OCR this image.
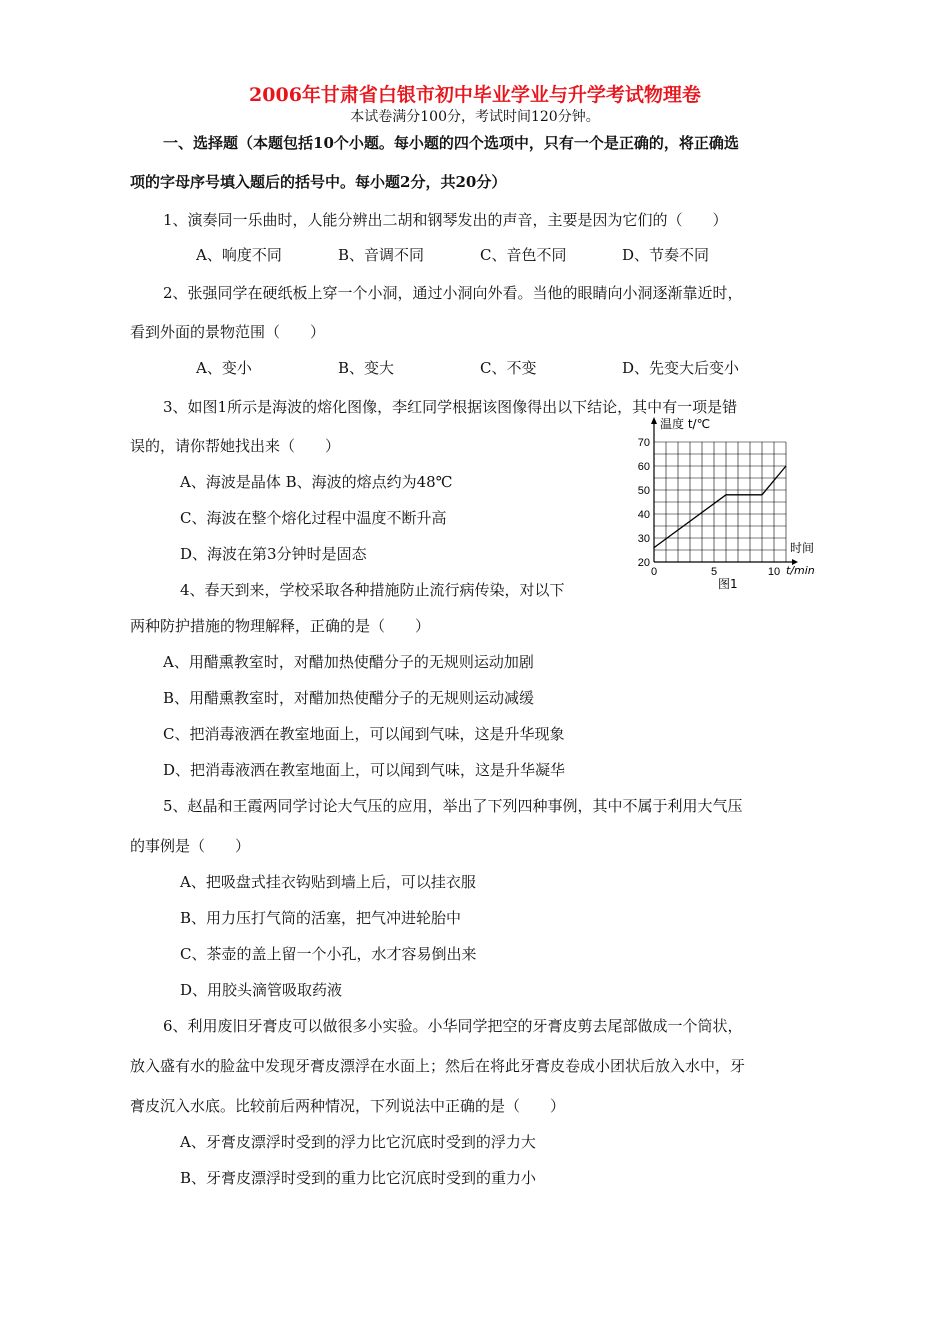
2006年甘肃省白银市初中毕业学业与升学考试物理卷
本试卷满分100分，考试时间120分钟。
一、选择题（本题包括10个小题。每小题的四个选项中，只有一个是正确的，将正确选
项的字母序号填入题后的括号中。每小题2分，共20分）
1、演奏同一乐曲时，人能分辨出二胡和钢琴发出的声音，主要是因为它们的（　　）
A、响度不同	B、音调不同	C、音色不同	D、节奏不同
2、张强同学在硬纸板上穿一个小洞，通过小洞向外看。当他的眼睛向小洞逐渐靠近时，
看到外面的景物范围（　　）
A、变小	B、变大	C、不变	D、先变大后变小
3、如图1所示是海波的熔化图像，李红同学根据该图像得出以下结论，其中有一项是错
误的，请你帮她找出来（　　）
A、海波是晶体 B、海波的熔点约为48℃
C、海波在整个熔化过程中温度不断升高
D、海波在第3分钟时是固态	20
30
40
50
60
70
0	5	10
温度 t/℃
时间
t/min
图1
4、春天到来，学校采取各种措施防止流行病传染，对以下
两种防护措施的物理解释，正确的是（　　）
A、用醋熏教室时，对醋加热使醋分子的无规则运动加剧
B、用醋熏教室时，对醋加热使醋分子的无规则运动减缓
C、把消毒液洒在教室地面上，可以闻到气味，这是升华现象
D、把消毒液洒在教室地面上，可以闻到气味，这是升华凝华
5、赵晶和王霞两同学讨论大气压的应用，举出了下列四种事例，其中不属于利用大气压
的事例是（　　）
A、把吸盘式挂衣钩贴到墙上后，可以挂衣服
B、用力压打气筒的活塞，把气冲进轮胎中
C、茶壶的盖上留一个小孔，水才容易倒出来
D、用胶头滴管吸取药液
6、利用废旧牙膏皮可以做很多小实验。小华同学把空的牙膏皮剪去尾部做成一个筒状，
放入盛有水的脸盆中发现牙膏皮漂浮在水面上；然后在将此牙膏皮卷成小团状后放入水中，牙
膏皮沉入水底。比较前后两种情况，下列说法中正确的是（　　）
A、牙膏皮漂浮时受到的浮力比它沉底时受到的浮力大
B、牙膏皮漂浮时受到的重力比它沉底时受到的重力小
